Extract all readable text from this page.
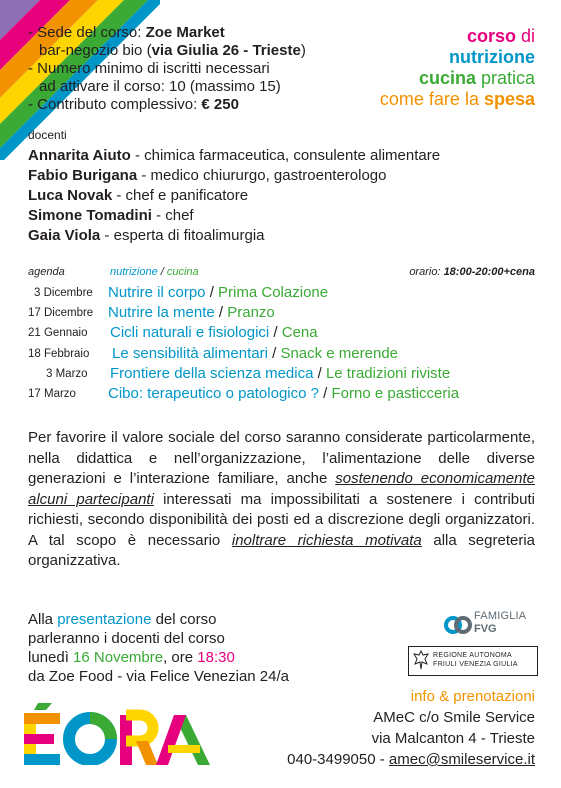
- Sede del corso: Zoe Market
bar-negozio bio (via Giulia 26 - Trieste)
- Numero minimo di iscritti necessari
ad attivare il corso: 10 (massimo 15)
- Contributo complessivo: € 250
corso di
nutrizione
cucina pratica
come fare la spesa
docenti
Annarita Aiuto - chimica farmaceutica, consulente alimentare
Fabio Burigana - medico chiururgo, gastroenterologo
Luca Novak - chef e panificatore
Simone Tomadini - chef
Gaia Viola - esperta di fitoalimurgia
agenda	nutrizione / cucina	orario: 18:00-20:00+cena
3 Dicembre Nutrire il corpo / Prima Colazione
17 Dicembre Nutrire la mente / Pranzo
21 Gennaio Cicli naturali e fisiologici / Cena
18 Febbraio Le sensibilità alimentari / Snack e merende
3 Marzo Frontiere della scienza medica / Le tradizioni riviste
17 Marzo Cibo: terapeutico o patologico ? / Forno e pasticceria
Per favorire il valore sociale del corso saranno considerate particolarmente, nella didattica e nell’organizzazione, l’alimentazione delle diverse generazioni e l’interazione familiare, anche sostenendo economicamente alcuni partecipanti interessati ma impossibilitati a sostenere i contributi richiesti, secondo disponibilità dei posti ed a discrezione degli organizzatori. A tal scopo è necessario inoltrare richiesta motivata alla segreteria organizzativa.
Alla presentazione del corso
parleranno i docenti del corso
lunedì 16 Novembre, ore 18:30
da Zoe Food - via Felice Venezian 24/a
FAMIGLIA
FVG
REGIONE AUTONOMA
FRIULI VENEZIA GIULIA
info & prenotazioni
AMeC c/o Smile Service
via Malcanton 4 - Trieste
040-3499050 - amec@smileservice.it
